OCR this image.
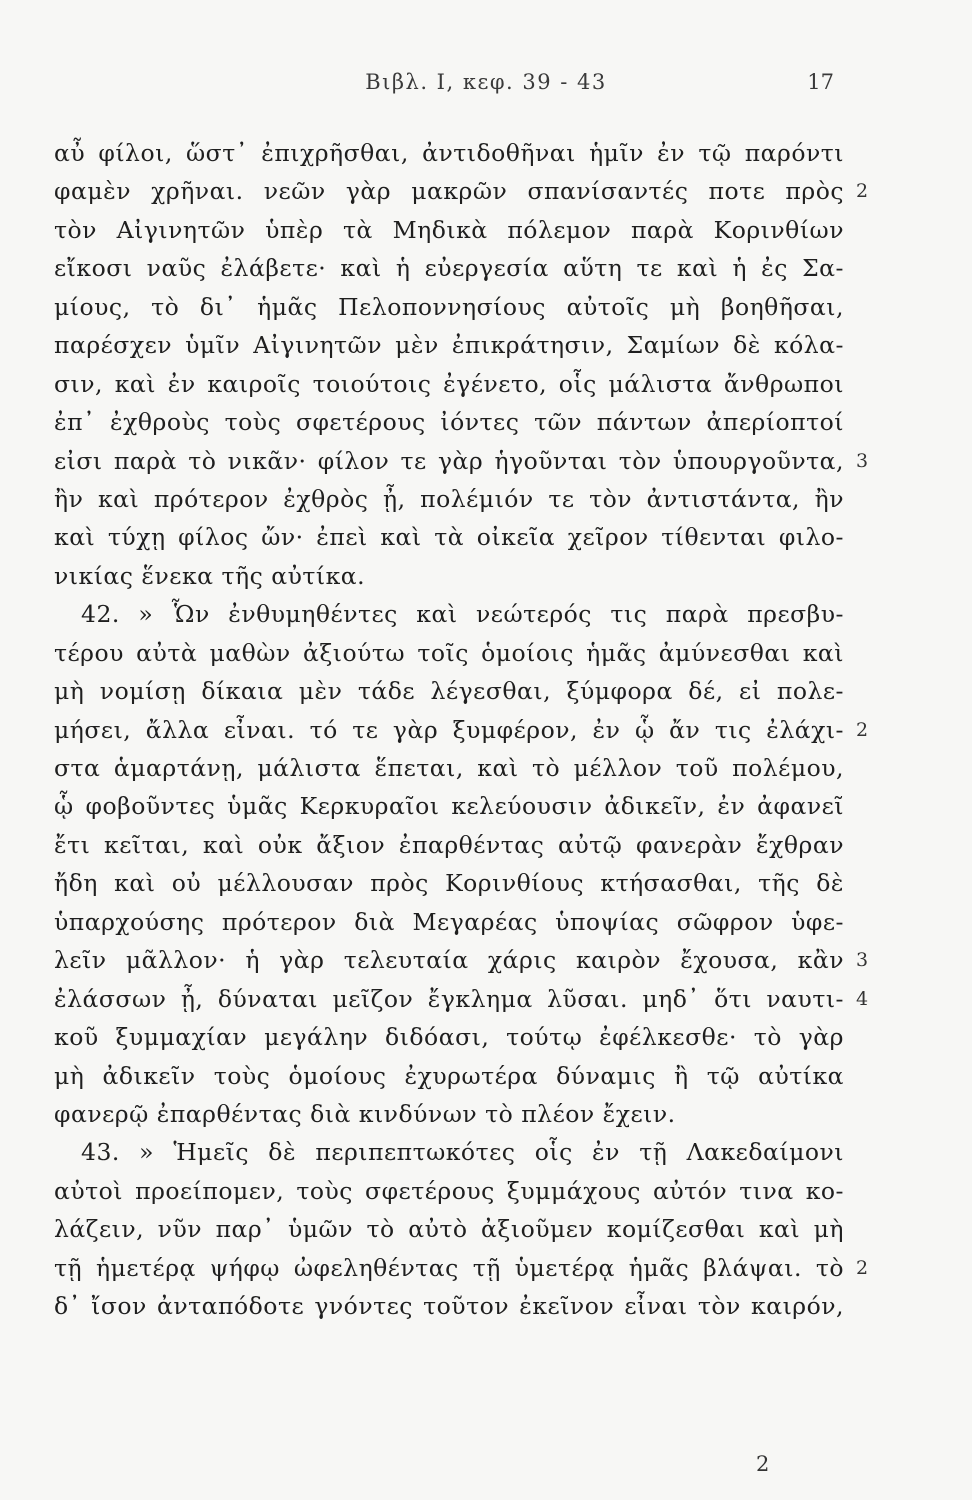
Βιβλ. I, κεφ. 39 - 43	17
αὖ φίλοι, ὥστ᾽ ἐπιχρῆσθαι, ἀντιδοθῆναι ἡμῖν ἐν τῷ παρόντι
φαμὲν χρῆναι. νεῶν γὰρ μακρῶν σπανίσαντές ποτε πρὸς 2
τὸν Αἰγινητῶν ὑπὲρ τὰ Μηδικὰ πόλεμον παρὰ Κορινθίων
εἴκοσι ναῦς ἐλάβετε· καὶ ἡ εὐεργεσία αὕτη τε καὶ ἡ ἐς Σα-
μίους, τὸ δι᾽ ἡμᾶς Πελοποννησίους αὐτοῖς μὴ βοηθῆσαι,
παρέσχεν ὑμῖν Αἰγινητῶν μὲν ἐπικράτησιν, Σαμίων δὲ κόλα-
σιν, καὶ ἐν καιροῖς τοιούτοις ἐγένετο, οἷς μάλιστα ἄνθρωποι
ἐπ᾽ ἐχθροὺς τοὺς σφετέρους ἰόντες τῶν πάντων ἀπερίοπτοί
εἰσι παρὰ τὸ νικᾶν· φίλον τε γὰρ ἡγοῦνται τὸν ὑπουργοῦντα, 3
ἢν καὶ πρότερον ἐχθρὸς ᾖ, πολέμιόν τε τὸν ἀντιστάντα, ἢν
καὶ τύχῃ φίλος ὤν· ἐπεὶ καὶ τὰ οἰκεῖα χεῖρον τίθενται φιλο-
νικίας ἕνεκα τῆς αὐτίκα.
42. » Ὧν ἐνθυμηθέντες καὶ νεώτερός τις παρὰ πρεσβυ-
τέρου αὐτὰ μαθὼν ἀξιούτω τοῖς ὁμοίοις ἡμᾶς ἀμύνεσθαι καὶ
μὴ νομίσῃ δίκαια μὲν τάδε λέγεσθαι, ξύμφορα δέ, εἰ πολε-
μήσει, ἄλλα εἶναι. τό τε γὰρ ξυμφέρον, ἐν ᾧ ἄν τις ἐλάχι- 2
στα ἁμαρτάνῃ, μάλιστα ἕπεται, καὶ τὸ μέλλον τοῦ πολέμου,
ᾧ φοβοῦντες ὑμᾶς Κερκυραῖοι κελεύουσιν ἀδικεῖν, ἐν ἀφανεῖ
ἔτι κεῖται, καὶ οὐκ ἄξιον ἐπαρθέντας αὐτῷ φανερὰν ἔχθραν
ἤδη καὶ οὐ μέλλουσαν πρὸς Κορινθίους κτήσασθαι, τῆς δὲ
ὑπαρχούσης πρότερον διὰ Μεγαρέας ὑποψίας σῶφρον ὑφε-
λεῖν μᾶλλον· ἡ γὰρ τελευταία χάρις καιρὸν ἔχουσα, κἂν 3
ἐλάσσων ᾖ, δύναται μεῖζον ἔγκλημα λῦσαι. μηδ᾽ ὅτι ναυτι- 4
κοῦ ξυμμαχίαν μεγάλην διδόασι, τούτῳ ἐφέλκεσθε· τὸ γὰρ
μὴ ἀδικεῖν τοὺς ὁμοίους ἐχυρωτέρα δύναμις ἢ τῷ αὐτίκα
φανερῷ ἐπαρθέντας διὰ κινδύνων τὸ πλέον ἔχειν.
43. » Ἡμεῖς δὲ περιπεπτωκότες οἷς ἐν τῇ Λακεδαίμονι
αὐτοὶ προείπομεν, τοὺς σφετέρους ξυμμάχους αὐτόν τινα κο-
λάζειν, νῦν παρ᾽ ὑμῶν τὸ αὐτὸ ἀξιοῦμεν κομίζεσθαι καὶ μὴ
τῇ ἡμετέρᾳ ψήφῳ ὠφεληθέντας τῇ ὑμετέρᾳ ἡμᾶς βλάψαι. τὸ 2
δ᾽ ἴσον ἀνταπόδοτε γνόντες τοῦτον ἐκεῖνον εἶναι τὸν καιρόν,
2
